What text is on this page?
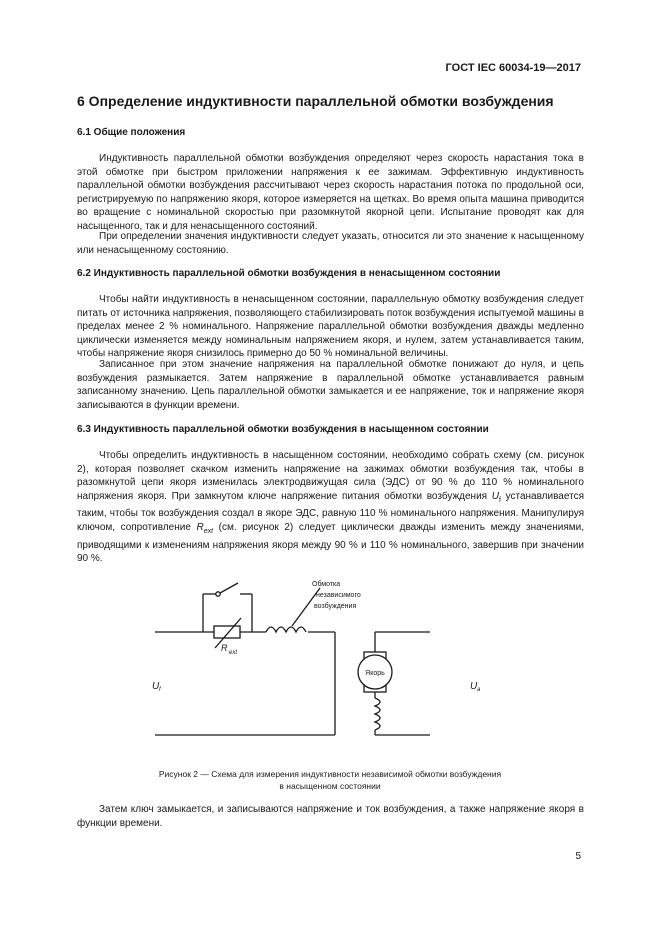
ГОСТ IEC 60034-19—2017
6 Определение индуктивности параллельной обмотки возбуждения
6.1 Общие положения

Индуктивность параллельной обмотки возбуждения определяют через скорость нарастания тока в этой обмотке при быстром приложении напряжения к ее зажимам. Эффективную индуктивность параллельной обмотки возбуждения рассчитывают через скорость нарастания потока по продольной оси, регистрируемую по напряжению якоря, которое измеряется на щетках. Во время опыта машина приводится во вращение с номинальной скоростью при разомкнутой якорной цепи. Испытание проводят как для насыщенного, так и для ненасыщенного состояний.

При определении значения индуктивности следует указать, относится ли это значение к насыщенному или ненасыщенному состоянию.

6.2 Индуктивность параллельной обмотки возбуждения в ненасыщенном состоянии

Чтобы найти индуктивность в ненасыщенном состоянии, параллельную обмотку возбуждения следует питать от источника напряжения, позволяющего стабилизировать поток возбуждения испытуемой машины в пределах менее 2 % номинального. Напряжение параллельной обмотки возбуждения дважды медленно циклически изменяется между номинальным напряжением якоря, и нулем, затем устанавливается таким, чтобы напряжение якоря снизилось примерно до 50 % номинальной величины.

Записанное при этом значение напряжения на параллельной обмотке понижают до нуля, и цепь возбуждения размыкается. Затем напряжение в параллельной обмотке устанавливается равным записанному значению. Цепь параллельной обмотки замыкается и ее напряжение, ток и напряжение якоря записываются в функции времени.

6.3 Индуктивность параллельной обмотки возбуждения в насыщенном состоянии

Чтобы определить индуктивность в насыщенном состоянии, необходимо собрать схему (см. рисунок 2), которая позволяет скачком изменить напряжение на зажимах обмотки возбуждения так, чтобы в разомкнутой цепи якоря изменилась электродвижущая сила (ЭДС) от 90 % до 110 % номинального напряжения якоря. При замкнутом ключе напряжение питания обмотки возбуждения $U_f$ устанавливается таким, чтобы ток возбуждения создал в якоре ЭДС, равную 110 % номинального напряжения. Манипулируя ключом, сопротивление $R_{ext}$ (см. рисунок 2) следует циклически дважды изменить между значениями, приводящими к изменениям напряжения якоря между 90 % и 110 % номинального, завершив при значении 90 %.

Обмотка
независимого
возбуждения
R ext
U f	U a
Якорь
Рисунок 2 — Схема для измерения индуктивности независимой обмотки возбуждения
в насыщенном состоянии

Затем ключ замыкается, и записываются напряжение и ток возбуждения, а также напряжение якоря в функции времени.

5
